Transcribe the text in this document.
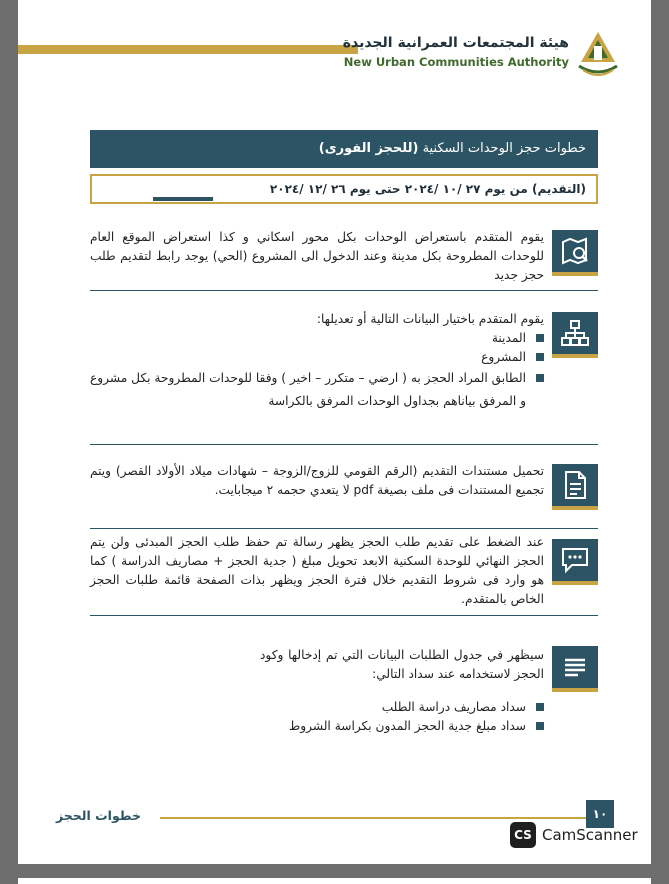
هيئة المجتمعات العمرانية الجديدة
New Urban Communities Authority
خطوات حجز الوحدات السكنية (للحجز الفورى)
(التقديم) من يوم ٢٧ /١٠ /٢٠٢٤ حتى يوم ٢٦ /١٢ /٢٠٢٤
يقوم المتقدم باستعراض الوحدات بكل محور اسكاني و كذا استعراض الموقع العام للوحدات المطروحة بكل مدينة وعند الدخول الى المشروع (الحي) يوجد رابط لتقديم طلب حجز جديد
يقوم المتقدم باختيار البيانات التالية أو تعديلها:
المدينة
المشروع
الطابق المراد الحجز به ( ارضي – متكرر – اخير ) وفقا للوحدات المطروحة بكل مشروع و المرفق بياناهم بجداول الوحدات المرفق بالكراسة
تحميل مستندات التقديم (الرقم القومي للزوج/الزوجة – شهادات ميلاد الأولاد القصر) ويتم تجميع المستندات فى ملف بصيغة pdf لا يتعدي حجمه ٢ ميجابايت.
عند الضغط على تقديم طلب الحجز يظهر رسالة تم حفظ طلب الحجز المبدئى ولن يتم الحجز النهائي للوحدة السكنية الابعد تحويل مبلغ ( جدية الحجز + مصاريف الدراسة ) كما هو وارد فى شروط التقديم خلال فترة الحجز ويظهر بذات الصفحة قائمة طلبات الحجز الخاص بالمتقدم.
سيظهر في جدول الطلبات البيانات التي تم إدخالها وكود الحجز لاستخدامه عند سداد التالي:
سداد مصاريف دراسة الطلب
سداد مبلغ جدية الحجز المدون بكراسة الشروط
خطوات الحجز	١٠
CS CamScanner
